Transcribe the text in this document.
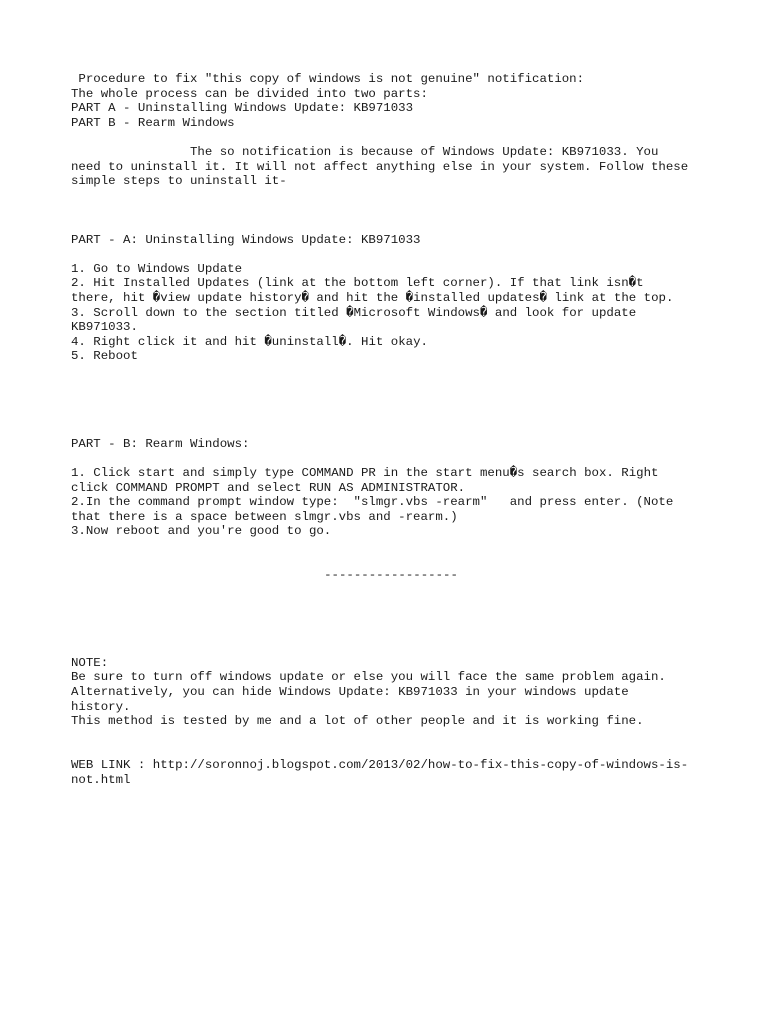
Procedure to fix "this copy of windows is not genuine" notification:
The whole process can be divided into two parts:
PART A - Uninstalling Windows Update: KB971033
PART B - Rearm Windows
The so notification is because of Windows Update: KB971033. You
need to uninstall it. It will not affect anything else in your system. Follow these
simple steps to uninstall it-
PART - A: Uninstalling Windows Update: KB971033
1. Go to Windows Update
2. Hit Installed Updates (link at the bottom left corner). If that link isn�t
there, hit �view update history� and hit the �installed updates� link at the top.
3. Scroll down to the section titled �Microsoft Windows� and look for update
KB971033.
4. Right click it and hit �uninstall�. Hit okay.
5. Reboot
PART - B: Rearm Windows:
1. Click start and simply type COMMAND PR in the start menu�s search box. Right
click COMMAND PROMPT and select RUN AS ADMINISTRATOR.
2.In the command prompt window type:  "slmgr.vbs -rearm"   and press enter. (Note
that there is a space between slmgr.vbs and -rearm.)
3.Now reboot and you're good to go.
------------------
NOTE:
Be sure to turn off windows update or else you will face the same problem again.
Alternatively, you can hide Windows Update: KB971033 in your windows update
history.
This method is tested by me and a lot of other people and it is working fine.
WEB LINK : http://soronnoj.blogspot.com/2013/02/how-to-fix-this-copy-of-windows-is-
not.html
